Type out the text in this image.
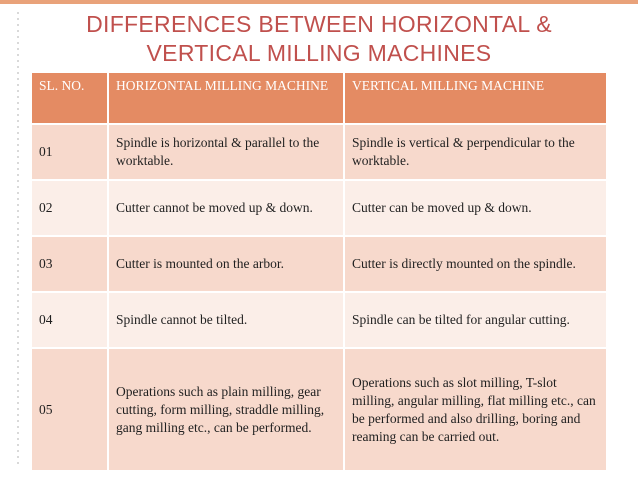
DIFFERENCES BETWEEN HORIZONTAL &
VERTICAL MILLING MACHINES
SL. NO.	HORIZONTAL MILLING MACHINE	VERTICAL MILLING MACHINE
01	Spindle is horizontal & parallel to the worktable.	Spindle is vertical & perpendicular to the worktable.
02	Cutter cannot be moved up & down.	Cutter can be moved up & down.
03	Cutter is mounted on the arbor.	Cutter is directly mounted on the spindle.
04	Spindle cannot be tilted.	Spindle can be tilted for angular cutting.
05	Operations such as plain milling, gear cutting, form milling, straddle milling, gang milling etc., can be performed.	Operations such as slot milling, T-slot milling, angular milling, flat milling etc., can be performed and also drilling, boring and reaming can be carried out.
